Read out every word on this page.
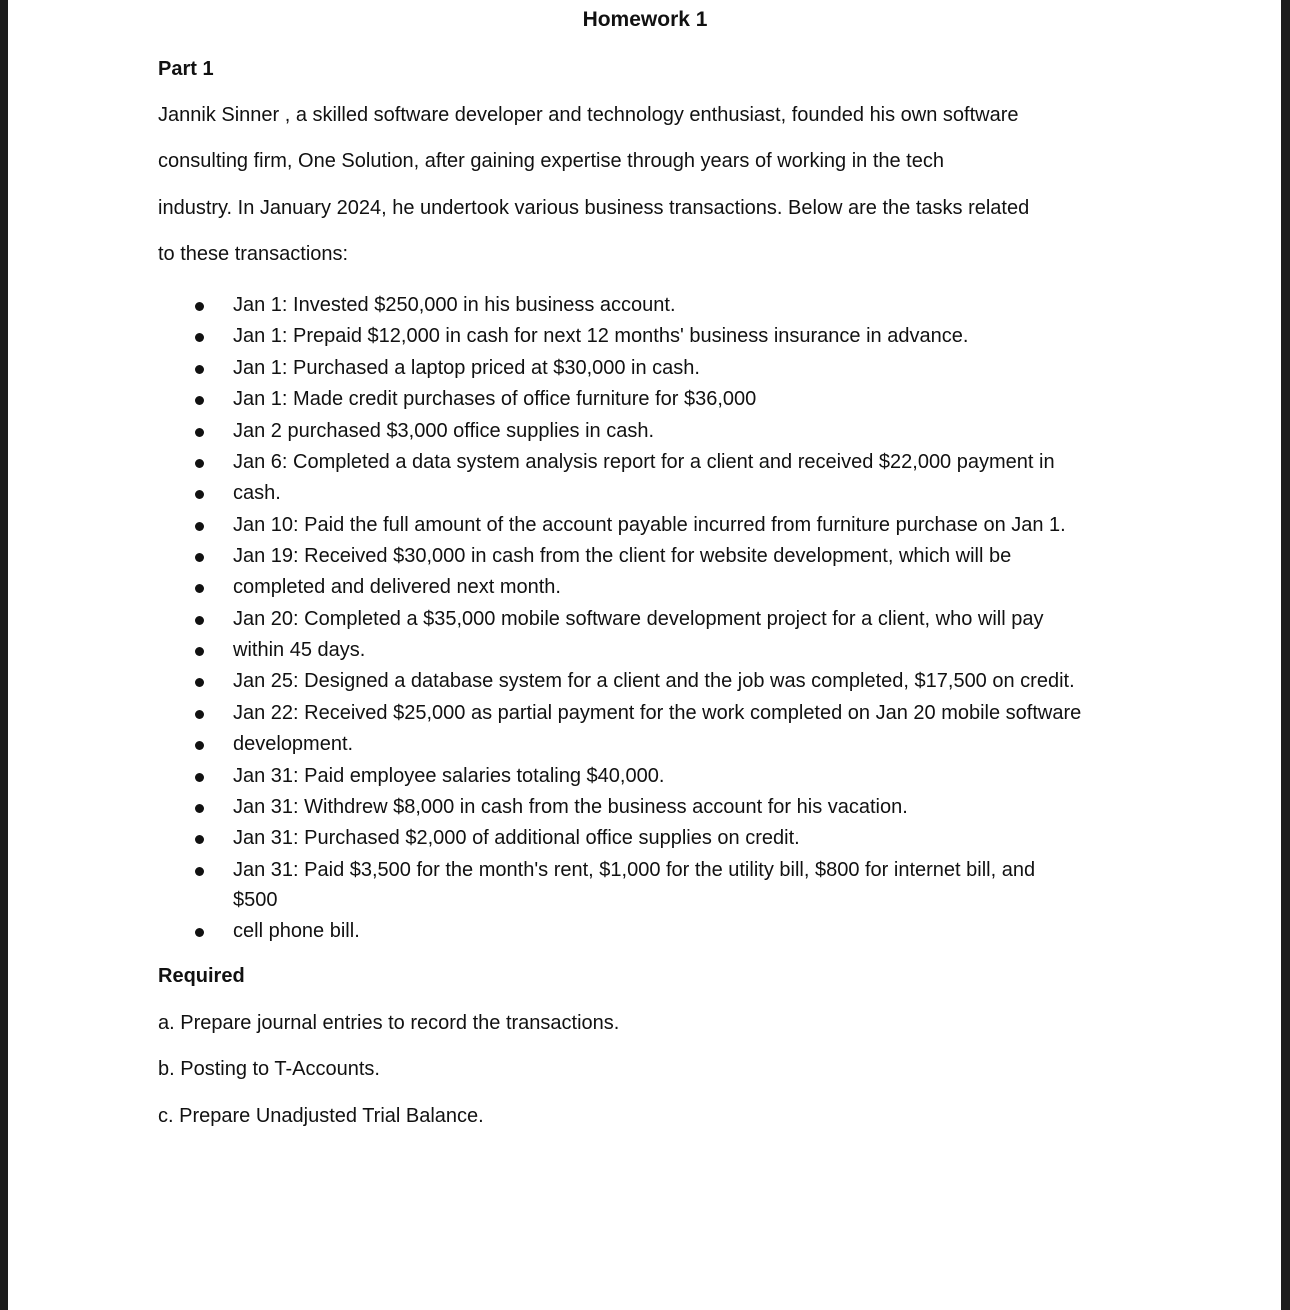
Homework 1
Part 1

Jannik Sinner , a skilled software developer and technology enthusiast, founded his own software

consulting firm, One Solution, after gaining expertise through years of working in the tech

industry. In January 2024, he undertook various business transactions. Below are the tasks related

to these transactions:

Jan 1: Invested $250,000 in his business account.
Jan 1: Prepaid $12,000 in cash for next 12 months' business insurance in advance.
Jan 1: Purchased a laptop priced at $30,000 in cash.
Jan 1: Made credit purchases of office furniture for $36,000
Jan 2 purchased $3,000 office supplies in cash.
Jan 6: Completed a data system analysis report for a client and received $22,000 payment in
cash.
Jan 10: Paid the full amount of the account payable incurred from furniture purchase on Jan 1.
Jan 19: Received $30,000 in cash from the client for website development, which will be
completed and delivered next month.
Jan 20: Completed a $35,000 mobile software development project for a client, who will pay
within 45 days.
Jan 25: Designed a database system for a client and the job was completed, $17,500 on credit.
Jan 22: Received $25,000 as partial payment for the work completed on Jan 20 mobile software
development.
Jan 31: Paid employee salaries totaling $40,000.
Jan 31: Withdrew $8,000 in cash from the business account for his vacation.
Jan 31: Purchased $2,000 of additional office supplies on credit.
Jan 31: Paid $3,500 for the month's rent, $1,000 for the utility bill, $800 for internet bill, and
$500
cell phone bill.
Required

a. Prepare journal entries to record the transactions.

b. Posting to T-Accounts.

c. Prepare Unadjusted Trial Balance.
